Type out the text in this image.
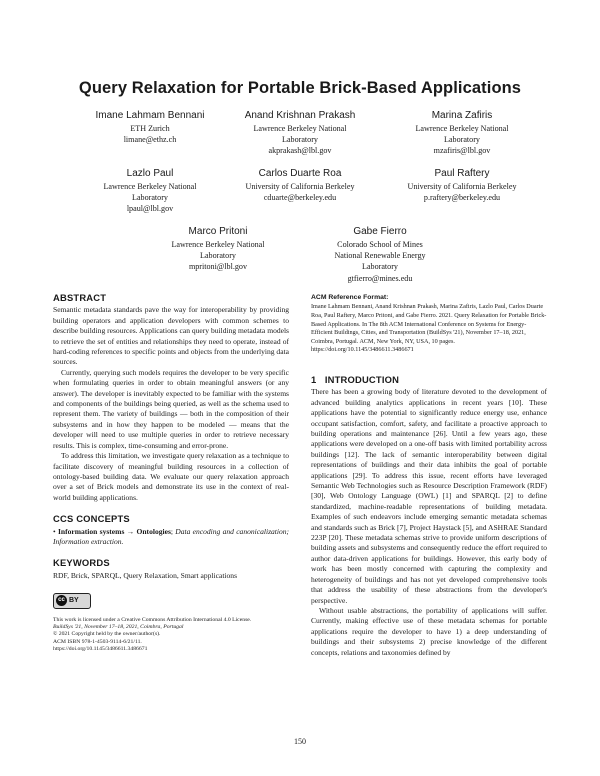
Query Relaxation for Portable Brick-Based Applications
Imane Lahmam Bennani
ETH Zurich
limane@ethz.ch
Anand Krishnan Prakash
Lawrence Berkeley National
Laboratory
akprakash@lbl.gov
Marina Zafiris
Lawrence Berkeley National
Laboratory
mzafiris@lbl.gov
Lazlo Paul
Lawrence Berkeley National
Laboratory
lpaul@lbl.gov
Carlos Duarte Roa
University of California Berkeley
cduarte@berkeley.edu
Paul Raftery
University of California Berkeley
p.raftery@berkeley.edu
Marco Pritoni
Lawrence Berkeley National
Laboratory
mpritoni@lbl.gov
Gabe Fierro
Colorado School of Mines
National Renewable Energy
Laboratory
gtfierro@mines.edu
ABSTRACT

Semantic metadata standards pave the way for interoperability by providing building operators and application developers with common schemes to describe building resources. Applications can query building metadata models to retrieve the set of entities and relationships they need to operate, instead of hard-coding references to specific points and objects from the underlying data sources.

Currently, querying such models requires the developer to be very specific when formulating queries in order to obtain meaningful answers (or any answer). The developer is inevitably expected to be familiar with the systems and components of the buildings being queried, as well as the schema used to represent them. The variety of buildings — both in the composition of their subsystems and in how they happen to be modeled — means that the developer will need to use multiple queries in order to retrieve necessary results. This is complex, time-consuming and error-prone.

To address this limitation, we investigate query relaxation as a technique to facilitate discovery of meaningful building resources in a collection of ontology-based building data. We evaluate our query relaxation approach over a set of Brick models and demonstrate its use in the context of real-world building applications.

CCS CONCEPTS
• Information systems → Ontologies; Data encoding and canonicalization; Information extraction.
KEYWORDS
RDF, Brick, SPARQL, Query Relaxation, Smart applications
cc BY
This work is licensed under a Creative Commons Attribution International 4.0 License.
BuildSys '21, November 17–18, 2021, Coimbra, Portugal
© 2021 Copyright held by the owner/author(s).
ACM ISBN 978-1-4503-9114-6/21/11.
https://doi.org/10.1145/3486611.3486671
ACM Reference Format:
Imane Lahmam Bennani, Anand Krishnan Prakash, Marina Zafiris, Lazlo Paul, Carlos Duarte Roa, Paul Raftery, Marco Pritoni, and Gabe Fierro. 2021. Query Relaxation for Portable Brick-Based Applications. In The 8th ACM International Conference on Systems for Energy-Efficient Buildings, Cities, and Transportation (BuildSys '21), November 17–18, 2021, Coimbra, Portugal. ACM, New York, NY, USA, 10 pages. https://doi.org/10.1145/3486611.3486671
1   INTRODUCTION

There has been a growing body of literature devoted to the development of advanced building analytics applications in recent years [10]. These applications have the potential to significantly reduce energy use, enhance occupant satisfaction, comfort, safety, and facilitate a proactive approach to building operations and maintenance [26]. Until a few years ago, these applications were developed on a one-off basis with limited portability across buildings [12]. The lack of semantic interoperability between digital representations of buildings and their data inhibits the goal of portable applications [29]. To address this issue, recent efforts have leveraged Semantic Web Technologies such as Resource Description Framework (RDF) [30], Web Ontology Language (OWL) [1] and SPARQL [2] to define standardized, machine-readable representations of building metadata. Examples of such endeavors include emerging semantic metadata schemas and standards such as Brick [7], Project Haystack [5], and ASHRAE Standard 223P [20]. These metadata schemas strive to provide uniform descriptions of building assets and subsystems and consequently reduce the effort required to author data-driven applications for buildings. However, this early body of work has been mostly concerned with capturing the complexity and heterogeneity of buildings and has not yet developed comprehensive tools that address the usability of these abstractions from the developer's perspective.

Without usable abstractions, the portability of applications will suffer. Currently, making effective use of these metadata schemas for portable applications require the developer to have 1) a deep understanding of buildings and their subsystems 2) precise knowledge of the different concepts, relations and taxonomies defined by

150
